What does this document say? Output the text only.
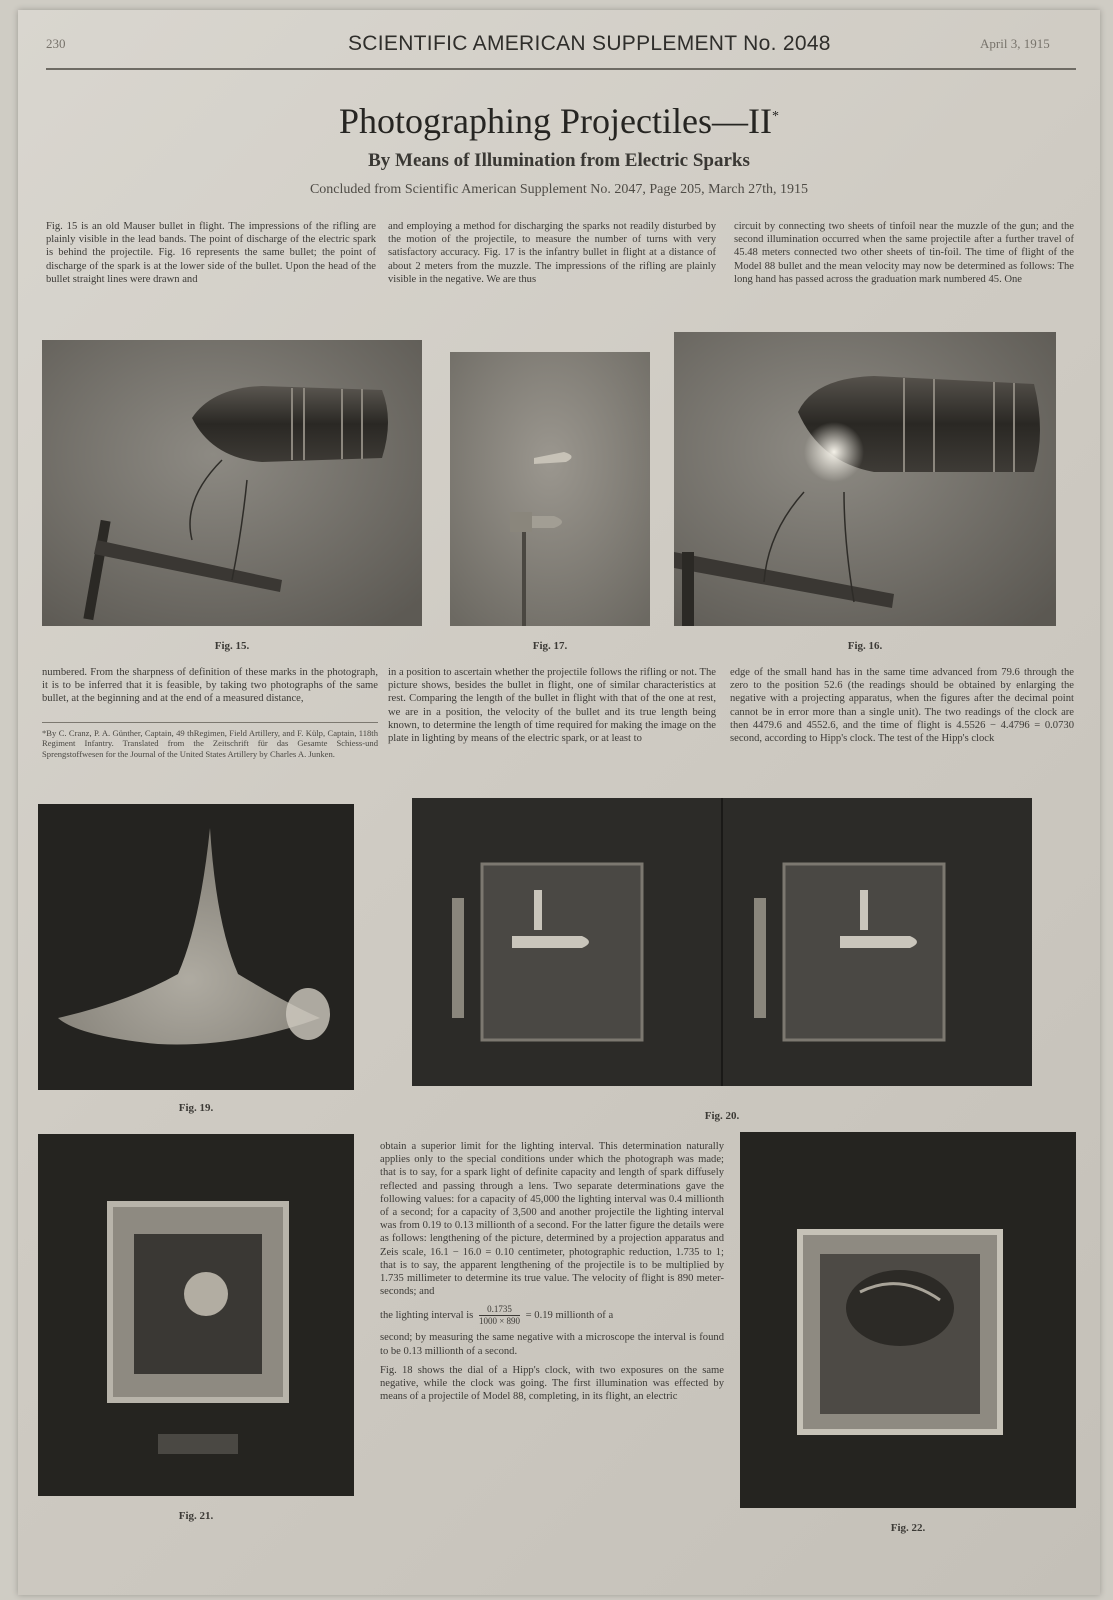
230	SCIENTIFIC AMERICAN SUPPLEMENT No. 2048	April 3, 1915
Photographing Projectiles—II*
By Means of Illumination from Electric Sparks
Concluded from Scientific American Supplement No. 2047, Page 205, March 27th, 1915
Fig. 15 is an old Mauser bullet in flight. The impressions of the rifling are plainly visible in the lead bands. The point of discharge of the electric spark is behind the projectile. Fig. 16 represents the same bullet; the point of discharge of the spark is at the lower side of the bullet. Upon the head of the bullet straight lines were drawn and
and employing a method for discharging the sparks not readily disturbed by the motion of the projectile, to measure the number of turns with very satisfactory accuracy. Fig. 17 is the infantry bullet in flight at a distance of about 2 meters from the muzzle. The impressions of the rifling are plainly visible in the negative. We are thus
circuit by connecting two sheets of tinfoil near the muzzle of the gun; and the second illumination occurred when the same projectile after a further travel of 45.48 meters connected two other sheets of tin-foil. The time of flight of the Model 88 bullet and the mean velocity may now be determined as follows: The long hand has passed across the graduation mark numbered 45. One
Fig. 15.	Fig. 17.	Fig. 16.
numbered. From the sharpness of definition of these marks in the photograph, it is to be inferred that it is feasible, by taking two photographs of the same bullet, at the beginning and at the end of a measured distance,
*By C. Cranz, P. A. Günther, Captain, 49 thRegimen, Field Artillery, and F. Külp, Captain, 118th Regiment Infantry. Translated from the Zeitschrift für das Gesamte Schiess-und Sprengstoffwesen for the Journal of the United States Artillery by Charles A. Junken.
in a position to ascertain whether the projectile follows the rifling or not. The picture shows, besides the bullet in flight, one of similar characteristics at rest. Comparing the length of the bullet in flight with that of the one at rest, we are in a position, the velocity of the bullet and its true length being known, to determine the length of time required for making the image on the plate in lighting by means of the electric spark, or at least to
edge of the small hand has in the same time advanced from 79.6 through the zero to the position 52.6 (the readings should be obtained by enlarging the negative with a projecting apparatus, when the figures after the decimal point cannot be in error more than a single unit). The two readings of the clock are then 4479.6 and 4552.6, and the time of flight is 4.5526 − 4.4796 = 0.0730 second, according to Hipp's clock. The test of the Hipp's clock
Fig. 19.
Fig. 20.
Fig. 21.
obtain a superior limit for the lighting interval. This determination naturally applies only to the special conditions under which the photograph was made; that is to say, for a spark light of definite capacity and length of spark diffusely reflected and passing through a lens. Two separate determinations gave the following values: for a capacity of 45,000 the lighting interval was 0.4 millionth of a second; for a capacity of 3,500 and another projectile the lighting interval was from 0.19 to 0.13 millionth of a second. For the latter figure the details were as follows: lengthening of the picture, determined by a projection apparatus and Zeis scale, 16.1 − 16.0 = 0.10 centimeter, photographic reduction, 1.735 to 1; that is to say, the apparent lengthening of the projectile is to be multiplied by 1.735 millimeter to determine its true value. The velocity of flight is 890 meter-seconds; and
the lighting interval is $\frac{0.1735}{1000 \times 890} = 0.19$ millionth of a
second; by measuring the same negative with a microscope the interval is found to be 0.13 millionth of a second.
Fig. 18 shows the dial of a Hipp's clock, with two exposures on the same negative, while the clock was going. The first illumination was effected by means of a projectile of Model 88, completing, in its flight, an electric
Fig. 22.
